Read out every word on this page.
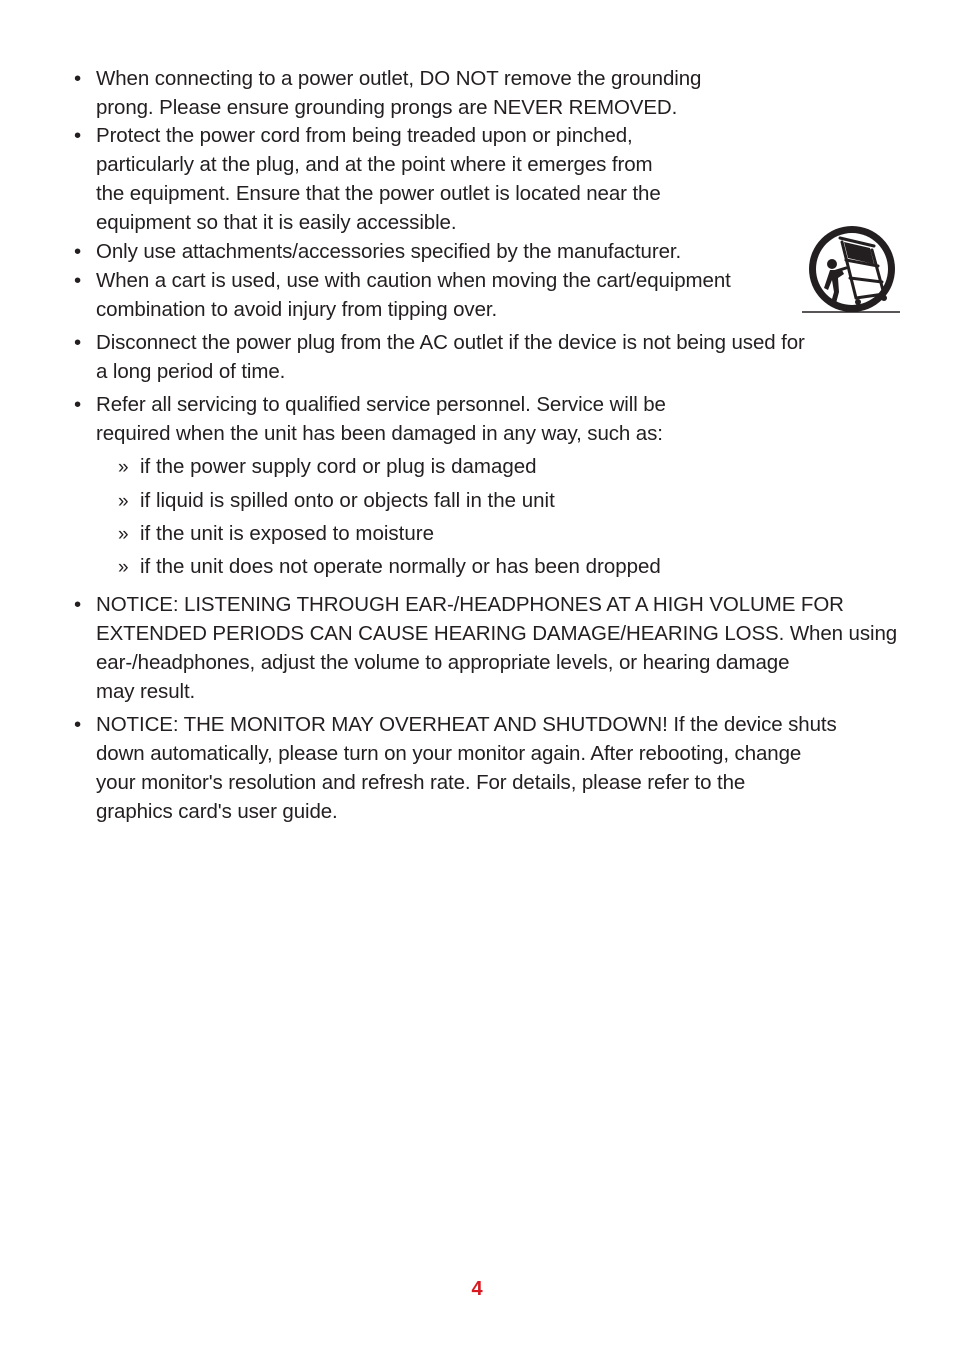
• When connecting to a power outlet, DO NOT remove the grounding
prong. Please ensure grounding prongs are NEVER REMOVED.
• Protect the power cord from being treaded upon or pinched,
particularly at the plug, and at the point where it emerges from
the equipment. Ensure that the power outlet is located near the
equipment so that it is easily accessible.
• Only use attachments/accessories specified by the manufacturer.
• When a cart is used, use with caution when moving the cart/equipment
combination to avoid injury from tipping over.
• Disconnect the power plug from the AC outlet if the device is not being used for
a long period of time.
• Refer all servicing to qualified service personnel. Service will be
required when the unit has been damaged in any way, such as:
» if the power supply cord or plug is damaged
» if liquid is spilled onto or objects fall in the unit
» if the unit is exposed to moisture
» if the unit does not operate normally or has been dropped
• NOTICE: LISTENING THROUGH EAR-/HEADPHONES AT A HIGH VOLUME FOR
EXTENDED PERIODS CAN CAUSE HEARING DAMAGE/HEARING LOSS. When using
ear-/headphones, adjust the volume to appropriate levels, or hearing damage
may result.
• NOTICE: THE MONITOR MAY OVERHEAT AND SHUTDOWN! If the device shuts
down automatically, please turn on your monitor again. After rebooting, change
your monitor's resolution and refresh rate. For details, please refer to the
graphics card's user guide.
4
